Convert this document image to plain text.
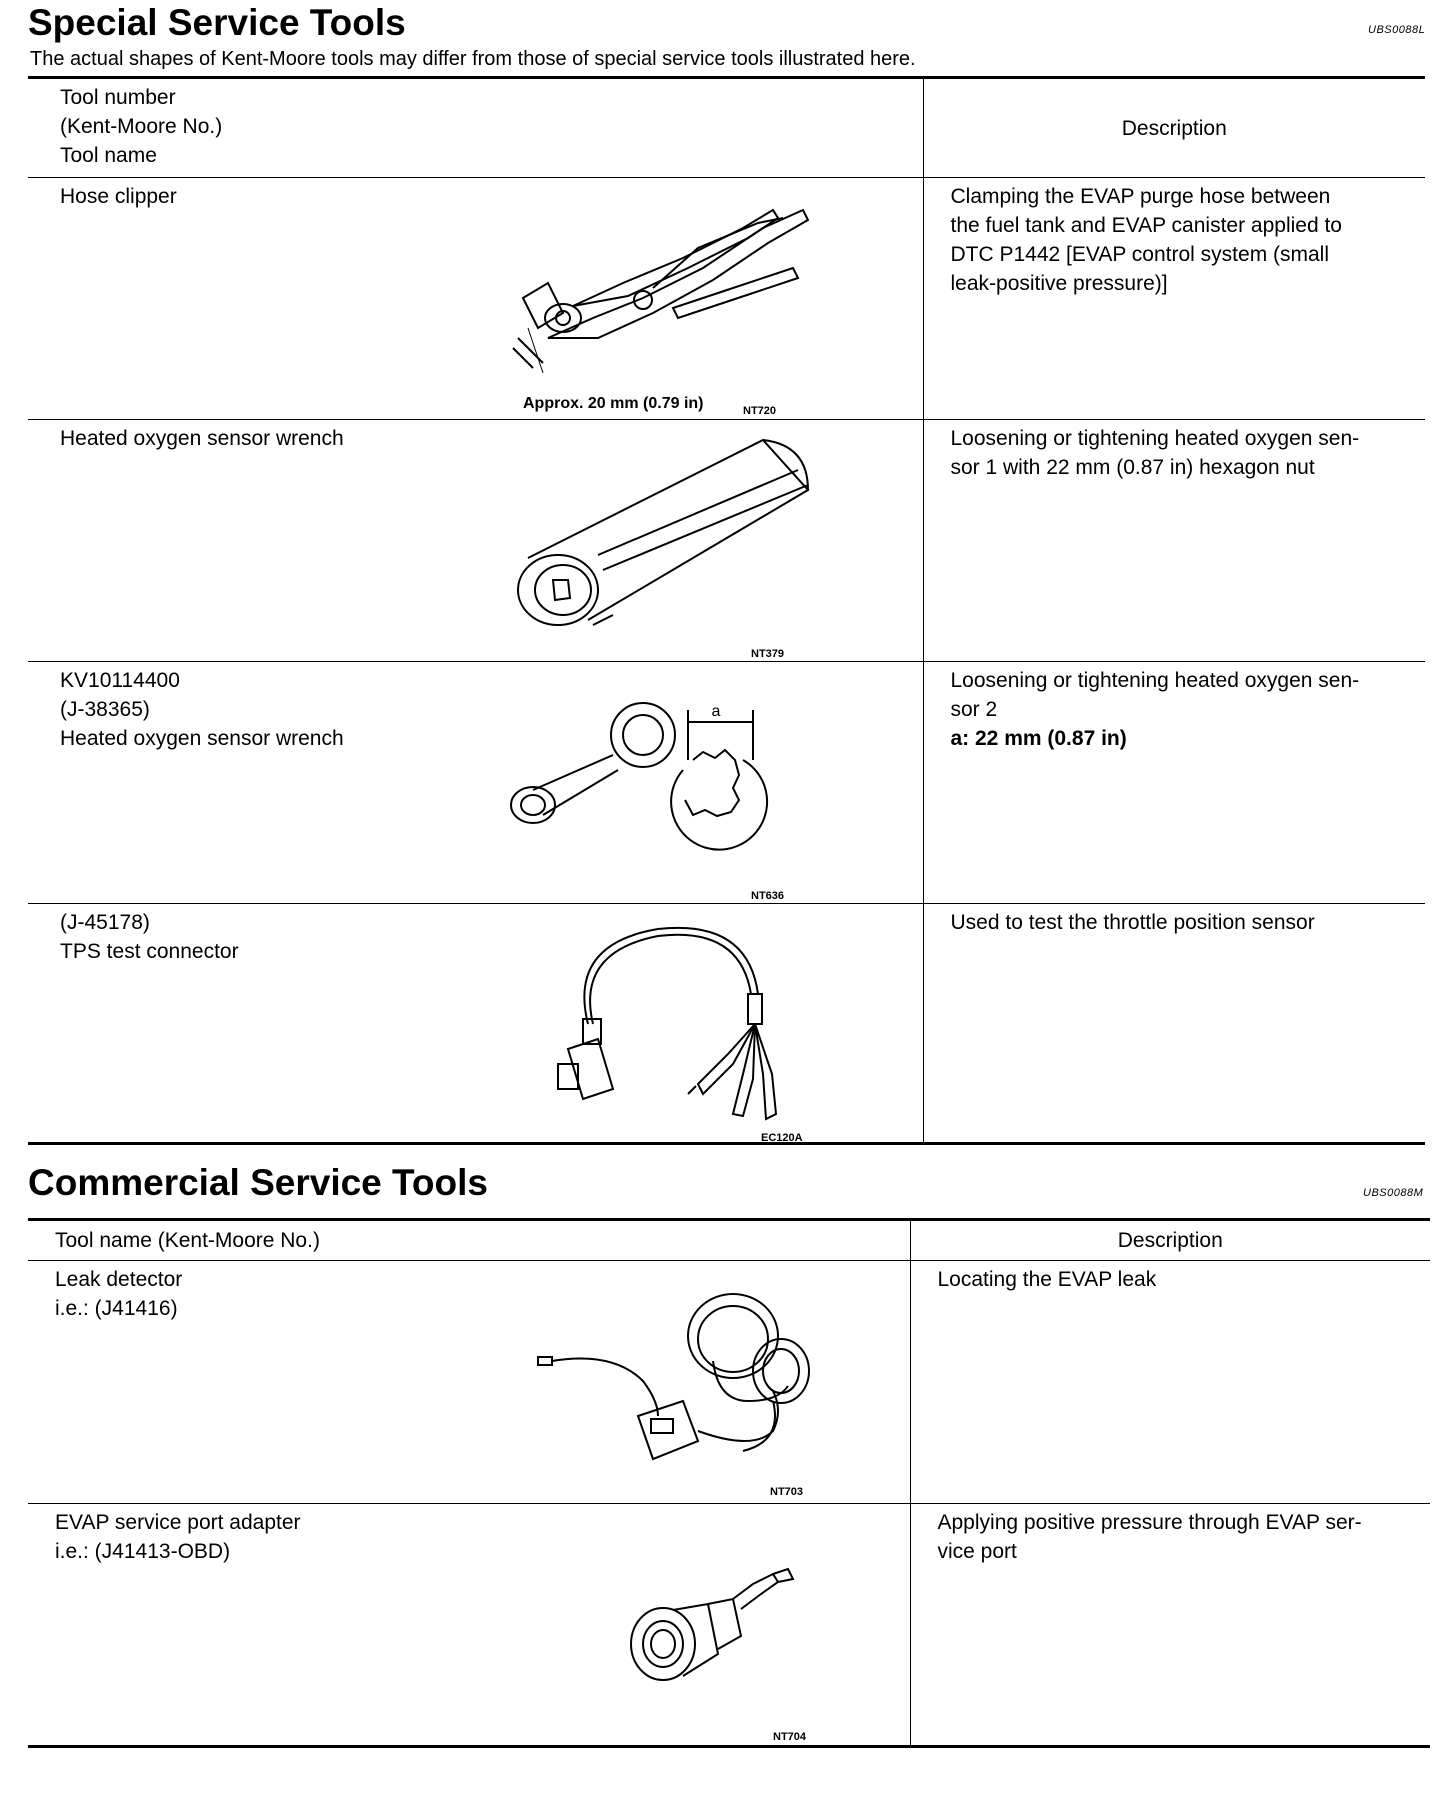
Special Service Tools	UBS0088L
The actual shapes of Kent-Moore tools may differ from those of special service tools illustrated here.
Tool number
(Kent-Moore No.)
Tool name	Description

Hose clipper
Approx. 20 mm (0.79 in) NT720	Clamping the EVAP purge hose between
the fuel tank and EVAP canister applied to
DTC P1442 [EVAP control system (small
leak-positive pressure)]

Heated oxygen sensor wrench
NT379	Loosening or tightening heated oxygen sen-
sor 1 with 22 mm (0.87 in) hexagon nut

KV10114400
(J-38365)
Heated oxygen sensor wrench
a
NT636	Loosening or tightening heated oxygen sen-
sor 2
a: 22 mm (0.87 in)

(J-45178)
TPS test connector
EC120A	Used to test the throttle position sensor
Commercial Service Tools	UBS0088M
Tool name (Kent-Moore No.)	Description

Leak detector
i.e.: (J41416)
NT703	Locating the EVAP leak

EVAP service port adapter
i.e.: (J41413-OBD)
NT704	Applying positive pressure through EVAP ser-
vice port
